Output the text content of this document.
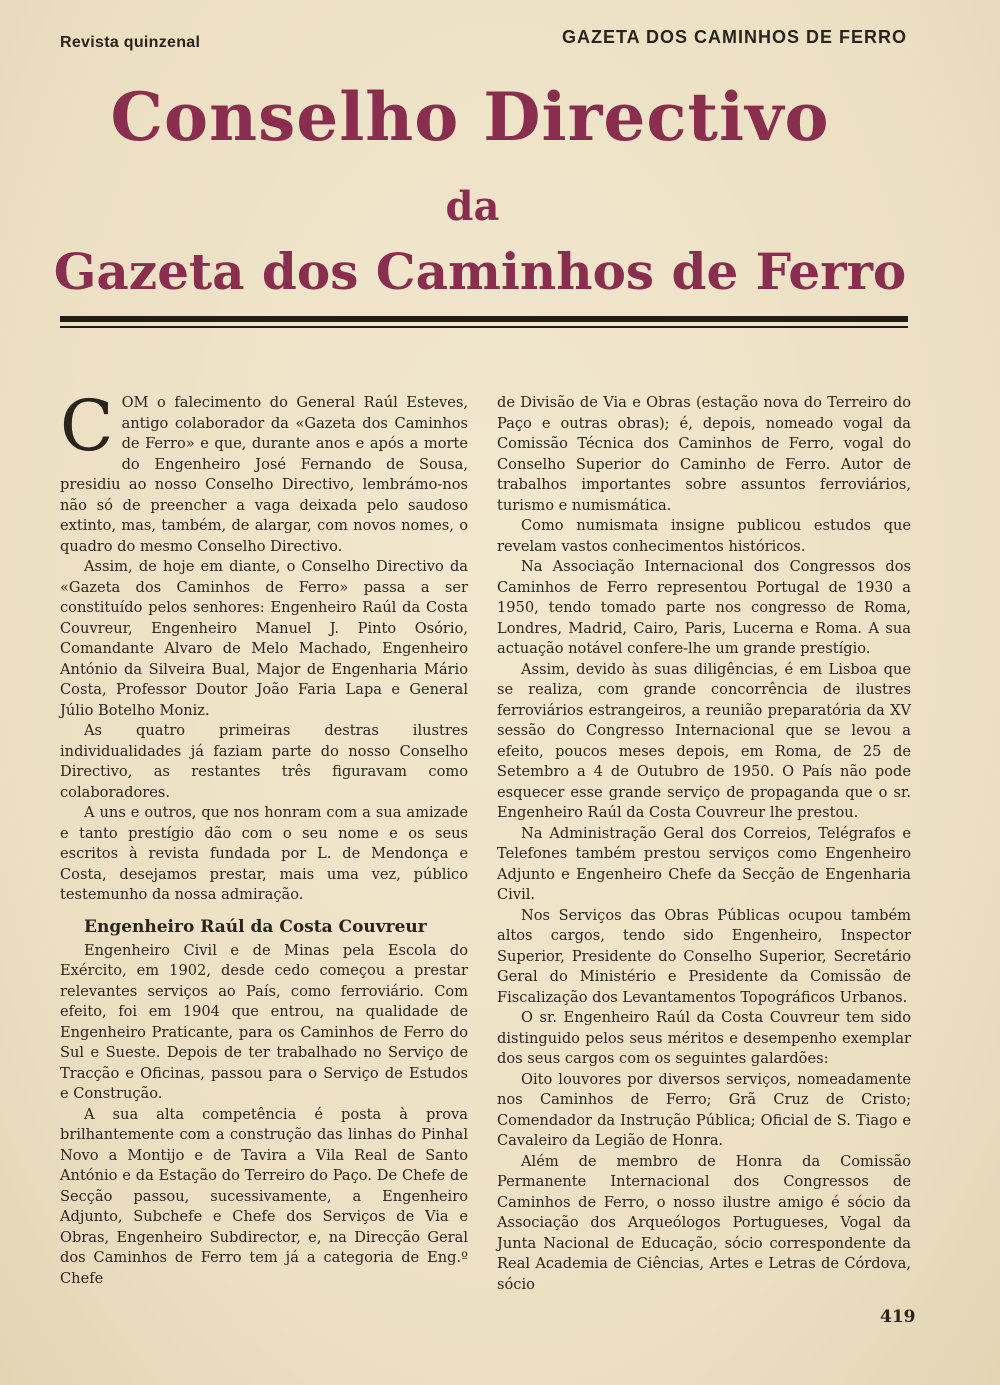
Revista quinzenal	GAZETA DOS CAMINHOS DE FERRO
Conselho Directivo
da
Gazeta dos Caminhos de Ferro

COM o falecimento do General Raúl Esteves, antigo colaborador da «Gazeta dos Caminhos de Ferro» e que, durante anos e após a morte do Engenheiro José Fernando de Sousa, presidiu ao nosso Conselho Directivo, lembrámo-nos não só de preencher a vaga deixada pelo saudoso extinto, mas, também, de alargar, com novos nomes, o quadro do mesmo Conselho Directivo.

Assim, de hoje em diante, o Conselho Directivo da «Gazeta dos Caminhos de Ferro» passa a ser constituído pelos senhores: Engenheiro Raúl da Costa Couvreur, Engenheiro Manuel J. Pinto Osório, Comandante Alvaro de Melo Machado, Engenheiro António da Silveira Bual, Major de Engenharia Mário Costa, Professor Doutor João Faria Lapa e General Júlio Botelho Moniz.

As quatro primeiras destras ilustres individualidades já faziam parte do nosso Conselho Directivo, as restantes três figuravam como colaboradores.

A uns e outros, que nos honram com a sua amizade e tanto prestígio dão com o seu nome e os seus escritos à revista fundada por L. de Mendonça e Costa, desejamos prestar, mais uma vez, público testemunho da nossa admiração.

Engenheiro Raúl da Costa Couvreur

Engenheiro Civil e de Minas pela Escola do Exército, em 1902, desde cedo começou a prestar relevantes serviços ao País, como ferroviário. Com efeito, foi em 1904 que entrou, na qualidade de Engenheiro Praticante, para os Caminhos de Ferro do Sul e Sueste. Depois de ter trabalhado no Serviço de Tracção e Oficinas, passou para o Serviço de Estudos e Construção.

A sua alta competência é posta à prova brilhantemente com a construção das linhas do Pinhal Novo a Montijo e de Tavira a Vila Real de Santo António e da Estação do Terreiro do Paço. De Chefe de Secção passou, sucessivamente, a Engenheiro Adjunto, Subchefe e Chefe dos Serviços de Via e Obras, Engenheiro Subdirector, e, na Direcção Geral dos Caminhos de Ferro tem já a categoria de Eng.º Chefe

de Divisão de Via e Obras (estação nova do Terreiro do Paço e outras obras); é, depois, nomeado vogal da Comissão Técnica dos Caminhos de Ferro, vogal do Conselho Superior do Caminho de Ferro. Autor de trabalhos importantes sobre assuntos ferroviários, turismo e numismática.

Como numismata insigne publicou estudos que revelam vastos conhecimentos históricos.

Na Associação Internacional dos Congressos dos Caminhos de Ferro representou Portugal de 1930 a 1950, tendo tomado parte nos congresso de Roma, Londres, Madrid, Cairo, Paris, Lucerna e Roma. A sua actuação notável confere-lhe um grande prestígio.

Assim, devido às suas diligências, é em Lisboa que se realiza, com grande concorrência de ilustres ferroviários estrangeiros, a reunião preparatória da XV sessão do Congresso Internacional que se levou a efeito, poucos meses depois, em Roma, de 25 de Setembro a 4 de Outubro de 1950. O País não pode esquecer esse grande serviço de propaganda que o sr. Engenheiro Raúl da Costa Couvreur lhe prestou.

Na Administração Geral dos Correios, Telégrafos e Telefones também prestou serviços como Engenheiro Adjunto e Engenheiro Chefe da Secção de Engenharia Civil.

Nos Serviços das Obras Públicas ocupou também altos cargos, tendo sido Engenheiro, Inspector Superior, Presidente do Conselho Superior, Secretário Geral do Ministério e Presidente da Comissão de Fiscalização dos Levantamentos Topográficos Urbanos.

O sr. Engenheiro Raúl da Costa Couvreur tem sido distinguido pelos seus méritos e desempenho exemplar dos seus cargos com os seguintes galardões:

Oito louvores por diversos serviços, nomeadamente nos Caminhos de Ferro; Grã Cruz de Cristo; Comendador da Instrução Pública; Oficial de S. Tiago e Cavaleiro da Legião de Honra.

Além de membro de Honra da Comissão Permanente Internacional dos Congressos de Caminhos de Ferro, o nosso ilustre amigo é sócio da Associação dos Arqueólogos Portugueses, Vogal da Junta Nacional de Educação, sócio correspondente da Real Academia de Ciências, Artes e Letras de Córdova, sócio

419
